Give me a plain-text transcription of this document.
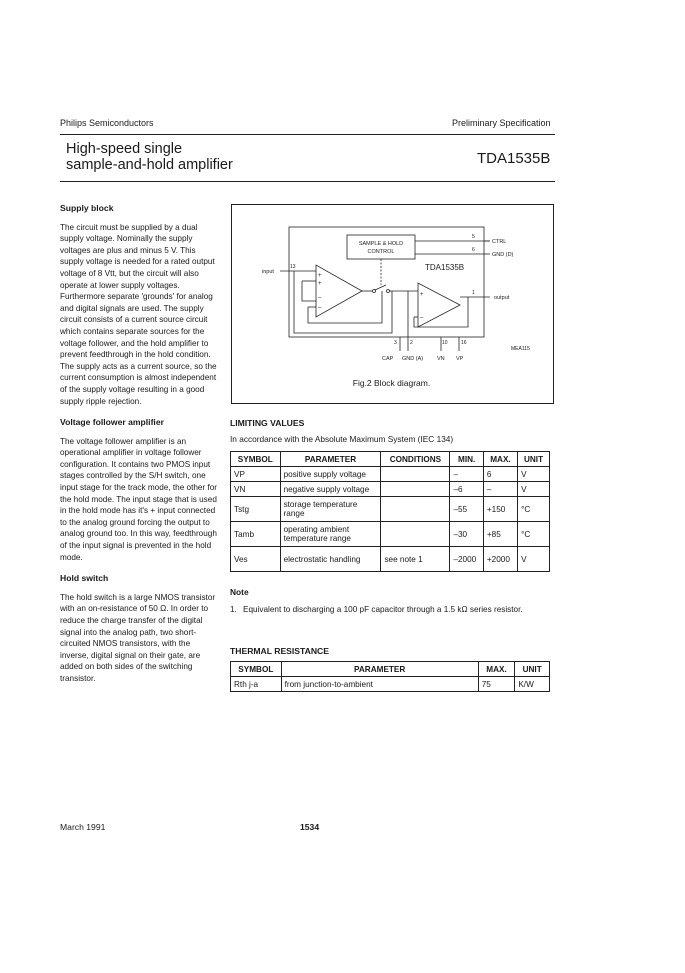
Philips Semiconductors	Preliminary Specification
High-speed single
sample-and-hold amplifier	TDA1535B
Supply block

The circuit must be supplied by a dual supply voltage. Nominally the supply voltages are plus and minus 5 V. This supply voltage is needed for a rated output voltage of 8 Vtt, but the circuit will also operate at lower supply voltages. Furthermore separate 'grounds' for analog and digital signals are used. The supply circuit consists of a current source circuit which contains separate sources for the voltage follower, and the hold amplifier to prevent feedthrough in the hold condition. The supply acts as a current source, so the current consumption is almost independent of the supply voltage resulting in a good supply ripple rejection.

Voltage follower amplifier

The voltage follower amplifier is an operational amplifier in voltage follower configuration. It contains two PMOS input stages controlled by the S/H switch, one input stage for the track mode, the other for the hold mode. The input stage that is used in the hold mode has it's + input connected to the analog ground forcing the output to analog ground too. In this way, feedthrough of the input signal is prevented in the hold mode.

Hold switch

The hold switch is a large NMOS transistor with an on-resistance of 50 Ω. In order to reduce the charge transfer of the digital signal into the analog path, two short-circuited NMOS transistors, with the inverse, digital signal on their gate, are added on both sides of the switching transistor.

SAMPLE & HOLD
CONTROL
TDA1535B
5
6
CTRL
GND (D)
input
13
+
+
–
–
+
–
1
output
3	2	10	16
CAP GND (A)	VN VP
MEA115
Fig.2 Block diagram.
LIMITING VALUES
In accordance with the Absolute Maximum System (IEC 134)
SYMBOL	PARAMETER	CONDITIONS	MIN.	MAX.	UNIT
VP	positive supply voltage		–	6	V
VN	negative supply voltage		–6	–	V
Tstg	storage temperature range		–55	+150	°C
Tamb	operating ambient temperature range		–30	+85	°C
Ves	electrostatic handling	see note 1	–2000	+2000	V
Note
1. Equivalent to discharging a 100 pF capacitor through a 1.5 kΩ series resistor.
THERMAL RESISTANCE
SYMBOL	PARAMETER	MAX.	UNIT
Rth j-a	from junction-to-ambient	75	K/W
March 1991	1534
